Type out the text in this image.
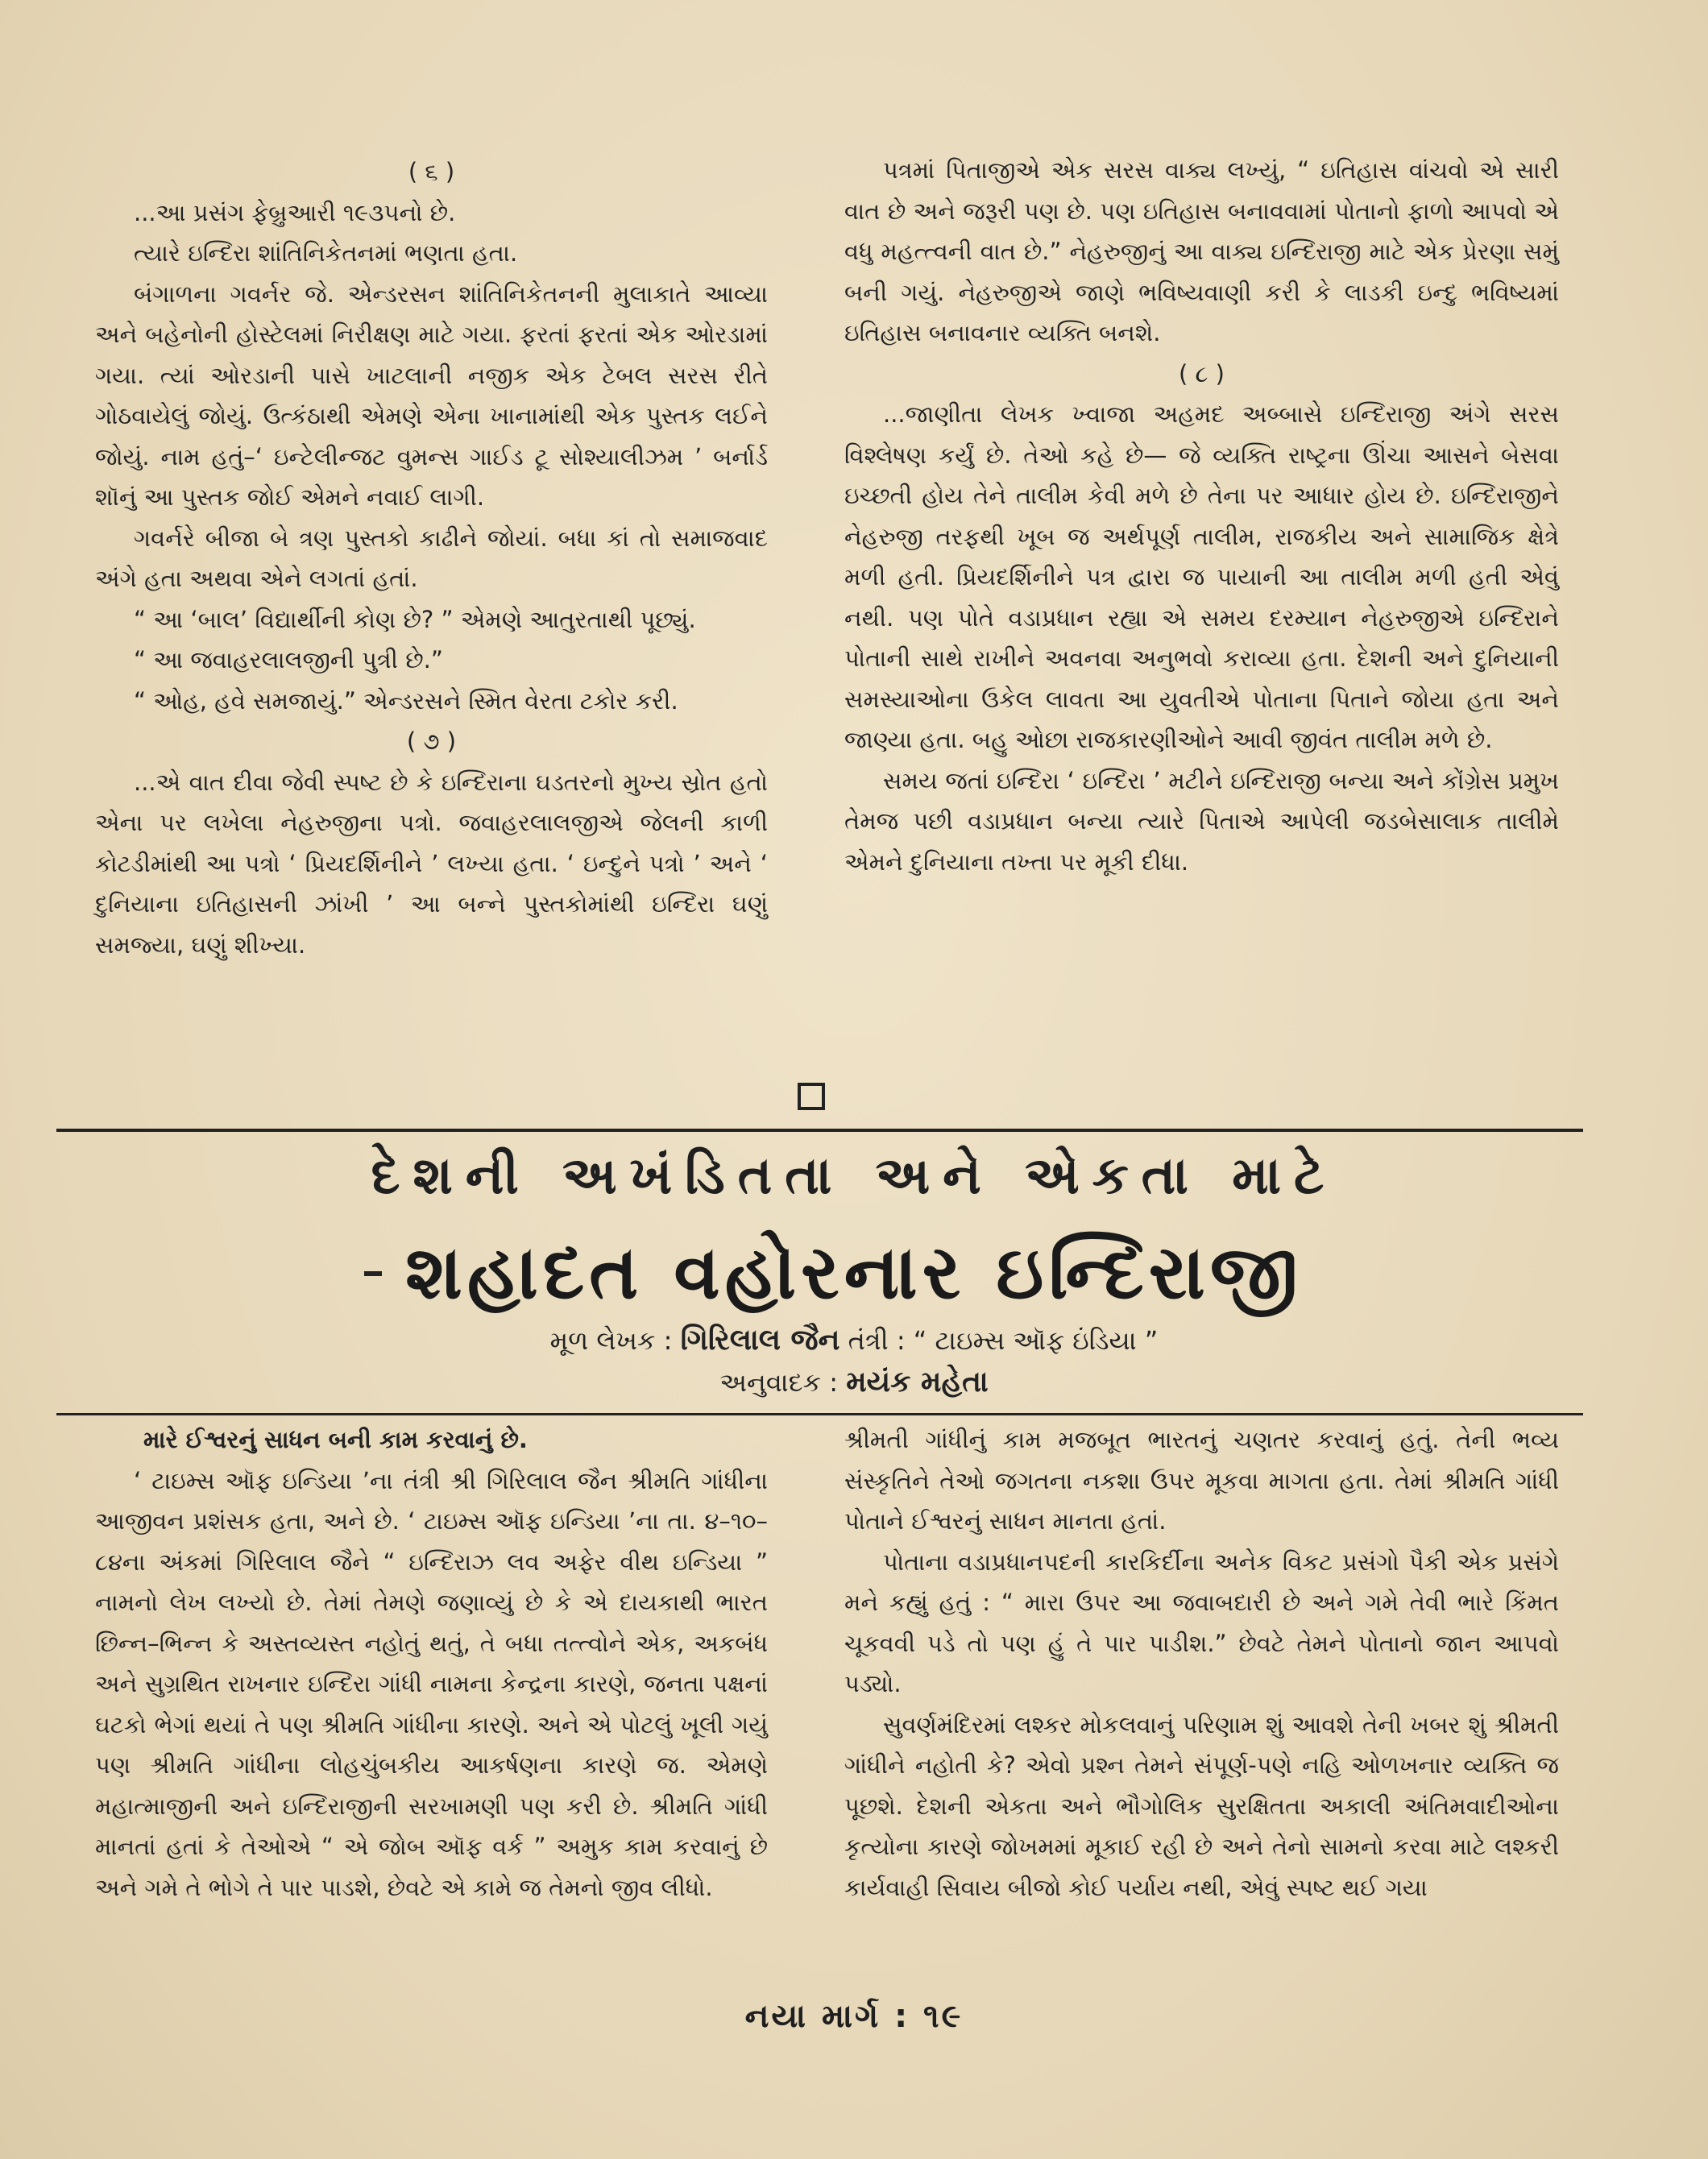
( ૬ )

...આ પ્રસંગ ફેબ્રુઆરી ૧૯૩૫નો છે.

ત્યારે ઇન્દિરા શાંતિનિકેતનમાં ભણતા હતા.

બંગાળના ગવર્નર જે. એન્ડરસન શાંતિનિકેતનની મુલાકાતે આવ્યા અને બહેનોની હોસ્ટેલમાં નિરીક્ષણ માટે ગયા. ફરતાં ફરતાં એક ઓરડામાં ગયા. ત્યાં ઓરડાની પાસે ખાટલાની નજીક એક ટેબલ સરસ રીતે ગોઠવાયેલું જોયું. ઉત્કંઠાથી એમણે એના ખાનામાંથી એક પુસ્તક લઈને જોયું. નામ હતું–‘ ઇન્ટેલીન્જટ વુમન્સ ગાઈડ ટૂ સોશ્યાલીઝમ ’ બર્નાર્ડ શૉનું આ પુસ્તક જોઈ એમને નવાઈ લાગી.

ગવર્નરે બીજા બે ત્રણ પુસ્તકો કાઢીને જોયાં. બધા કાં તો સમાજવાદ અંગે હતા અથવા એને લગતાં હતાં.

“ આ ‘બાલ’ વિદ્યાર્થીની કોણ છે? ” એમણે આતુરતાથી પૂછ્યું.

“ આ જવાહરલાલજીની પુત્રી છે.”

“ ઓહ, હવે સમજાયું.” એન્ડરસને સ્મિત વેરતા ટકોર કરી.

( ૭ )

...એ વાત દીવા જેવી સ્પષ્ટ છે કે ઇન્દિરાના ઘડતરનો મુખ્ય સ્રોત હતો એના પર લખેલા નેહરુજીના પત્રો. જવાહરલાલજીએ જેલની કાળી કોટડીમાંથી આ પત્રો ‘ પ્રિયદર્શિનીને ’ લખ્યા હતા. ‘ ઇન્દુને પત્રો ’ અને ‘ દુનિયાના ઇતિહાસની ઝાંખી ’ આ બન્ને પુસ્તકોમાંથી ઇન્દિરા ઘણું સમજ્યા, ઘણું શીખ્યા.

પત્રમાં પિતાજીએ એક સરસ વાક્ય લખ્યું, “ ઇતિહાસ વાંચવો એ સારી વાત છે અને જરૂરી પણ છે. પણ ઇતિહાસ બનાવવામાં પોતાનો ફાળો આપવો એ વધુ મહત્ત્વની વાત છે.” નેહરુજીનું આ વાક્ય ઇન્દિરાજી માટે એક પ્રેરણા સમું બની ગયું. નેહરુજીએ જાણે ભવિષ્યવાણી કરી કે લાડકી ઇન્દુ ભવિષ્યમાં ઇતિહાસ બનાવનાર વ્યક્તિ બનશે.

( ૮ )

...જાણીતા લેખક ખ્વાજા અહમદ અબ્બાસે ઇન્દિરાજી અંગે સરસ વિશ્લેષણ કર્યું છે. તેઓ કહે છે— જે વ્યક્તિ રાષ્ટ્રના ઊંચા આસને બેસવા ઇચ્છતી હોય તેને તાલીમ કેવી મળે છે તેના પર આધાર હોય છે. ઇન્દિરાજીને નેહરુજી તરફથી ખૂબ જ અર્થપૂર્ણ તાલીમ, રાજકીય અને સામાજિક ક્ષેત્રે મળી હતી. પ્રિયદર્શિનીને પત્ર દ્વારા જ પાયાની આ તાલીમ મળી હતી એવું નથી. પણ પોતે વડાપ્રધાન રહ્યા એ સમય દરમ્યાન નેહરુજીએ ઇન્દિરાને પોતાની સાથે રાખીને અવનવા અનુભવો કરાવ્યા હતા. દેશની અને દુનિયાની સમસ્યાઓના ઉકેલ લાવતા આ યુવતીએ પોતાના પિતાને જોયા હતા અને જાણ્યા હતા. બહુ ઓછા રાજકારણીઓને આવી જીવંત તાલીમ મળે છે.

સમય જતાં ઇન્દિરા ‘ ઇન્દિરા ’ મટીને ઇન્દિરાજી બન્યા અને કોંગ્રેસ પ્રમુખ તેમજ પછી વડાપ્રધાન બન્યા ત્યારે પિતાએ આપેલી જડબેસાલાક તાલીમે એમને દુનિયાના તખ્તા પર મૂકી દીધા.

દેશની અખંડિતતા અને એકતા માટે
શહાદત વહોરનાર ઇન્દિરાજી
મૂળ લેખક : ગિરિલાલ જૈન તંત્રી : “ ટાઇમ્સ ઑફ ઇંડિયા ”
અનુવાદક : મયંક મહેતા

મારે ઈશ્વરનું સાધન બની કામ કરવાનું છે.

‘ ટાઇમ્સ ઑફ ઇન્ડિયા ’ના તંત્રી શ્રી ગિરિલાલ જૈન શ્રીમતિ ગાંધીના આજીવન પ્રશંસક હતા, અને છે. ‘ ટાઇમ્સ ઑફ ઇન્ડિયા ’ના તા. ૪–૧૦–૮૪ના અંકમાં ગિરિલાલ જૈને “ ઇન્દિરાઝ લવ અફેર વીથ ઇન્ડિયા ” નામનો લેખ લખ્યો છે. તેમાં તેમણે જણાવ્યું છે કે એ દાયકાથી ભારત છિન્ન–ભિન્ન કે અસ્તવ્યસ્ત નહોતું થતું, તે બધા તત્ત્વોને એક, અકબંધ અને સુગ્રથિત રાખનાર ઇન્દિરા ગાંધી નામના કેન્દ્રના કારણે, જનતા પક્ષનાં ઘટકો ભેગાં થયાં તે પણ શ્રીમતિ ગાંધીના કારણે. અને એ પોટલું ખૂલી ગયું પણ શ્રીમતિ ગાંધીના લોહચુંબકીય આકર્ષણના કારણે જ. એમણે મહાત્માજીની અને ઇન્દિરાજીની સરખામણી પણ કરી છે. શ્રીમતિ ગાંધી માનતાં હતાં કે તેઓએ “ એ જોબ ઑફ વર્ક ” અમુક કામ કરવાનું છે અને ગમે તે ભોગે તે પાર પાડશે, છેવટે એ કામે જ તેમનો જીવ લીધો.

શ્રીમતી ગાંધીનું કામ મજબૂત ભારતનું ચણતર કરવાનું હતું. તેની ભવ્ય સંસ્કૃતિને તેઓ જગતના નકશા ઉપર મૂકવા માગતા હતા. તેમાં શ્રીમતિ ગાંધી પોતાને ઈશ્વરનું સાધન માનતા હતાં.

પોતાના વડાપ્રધાનપદની કારકિર્દીના અનેક વિકટ પ્રસંગો પૈકી એક પ્રસંગે મને કહ્યું હતું : “ મારા ઉપર આ જવાબદારી છે અને ગમે તેવી ભારે કિંમત ચૂકવવી પડે તો પણ હું તે પાર પાડીશ.” છેવટે તેમને પોતાનો જાન આપવો પડ્યો.

સુવર્ણમંદિરમાં લશ્કર મોકલવાનું પરિણામ શું આવશે તેની ખબર શું શ્રીમતી ગાંધીને નહોતી કે? એવો પ્રશ્ન તેમને સંપૂર્ણ-પણે નહિ ઓળખનાર વ્યક્તિ જ પૂછશે. દેશની એકતા અને ભૌગોલિક સુરક્ષિતતા અકાલી અંતિમવાદીઓના કૃત્યોના કારણે જોખમમાં મૂકાઈ રહી છે અને તેનો સામનો કરવા માટે લશ્કરી કાર્યવાહી સિવાય બીજો કોઈ પર્યાય નથી, એવું સ્પષ્ટ થઈ ગયા

નયા માર્ગ : ૧૯
